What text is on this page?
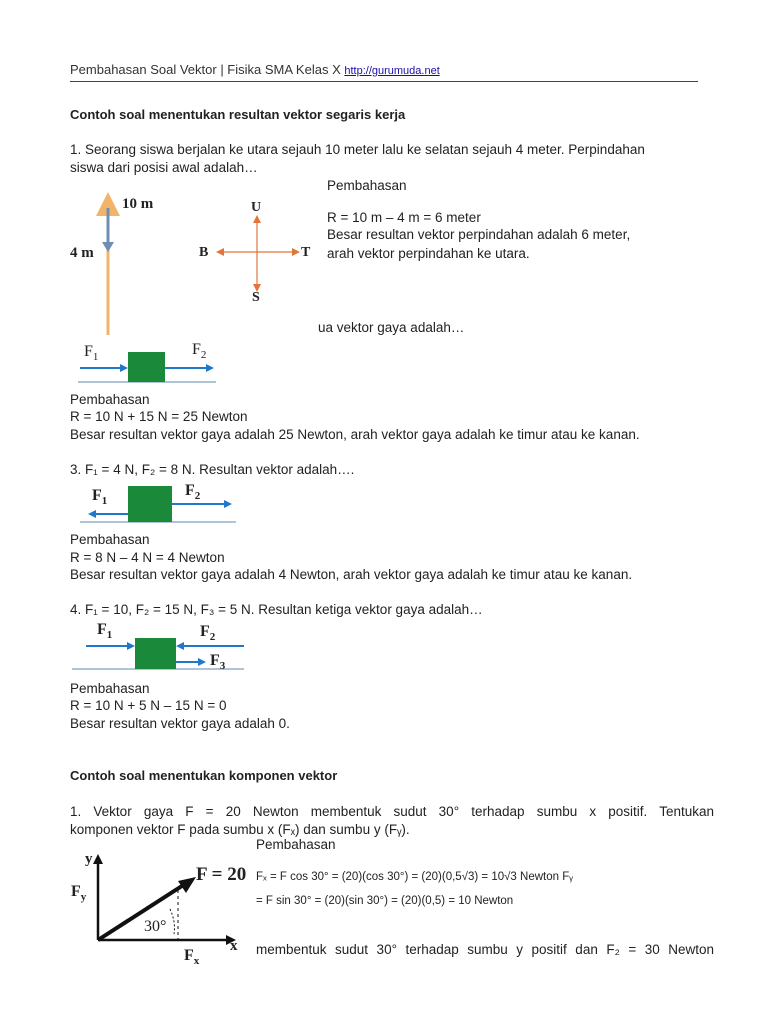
Pembahasan Soal Vektor | Fisika SMA Kelas X http://gurumuda.net
Contoh soal menentukan resultan vektor segaris kerja
1. Seorang siswa berjalan ke utara sejauh 10 meter lalu ke selatan sejauh 4 meter. Perpindahan
siswa dari posisi awal adalah…
Pembahasan
R = 10 m – 4 m = 6 meter
Besar resultan vektor perpindahan adalah 6 meter,
arah vektor perpindahan ke utara.
10 m
4 m
U
S
B	T
ua vektor gaya adalah…
$F_1$	$F_2$
Pembahasan
R = 10 N + 15 N = 25 Newton
Besar resultan vektor gaya adalah 25 Newton, arah vektor gaya adalah ke timur atau ke kanan.
3. F₁ = 4 N, F₂ = 8 N. Resultan vektor adalah….
$F_1$
$F_2$
Pembahasan
R = 8 N – 4 N = 4 Newton
Besar resultan vektor gaya adalah 4 Newton, arah vektor gaya adalah ke timur atau ke kanan.
4. F₁ = 10, F₂ = 15 N, F₃ = 5 N. Resultan ketiga vektor gaya adalah…
$F_1$	$F_2$
$F_3$
Pembahasan
R = 10 N + 5 N – 15 N = 0
Besar resultan vektor gaya adalah 0.
Contoh soal menentukan komponen vektor
1. Vektor gaya F = 20 Newton membentuk sudut 30° terhadap sumbu x positif. Tentukan
komponen vektor F pada sumbu x (Fₓ) dan sumbu y (Fᵧ).
Pembahasan
Fₓ = F cos 30° = (20)(cos 30°) = (20)(0,5√3) = 10√3 Newton Fᵧ
= F sin 30° = (20)(sin 30°) = (20)(0,5) = 10 Newton
membentuk sudut 30° terhadap sumbu y positif dan F₂ = 30 Newton
y
x
$F_y$
$F_x$
F = 20
30°
